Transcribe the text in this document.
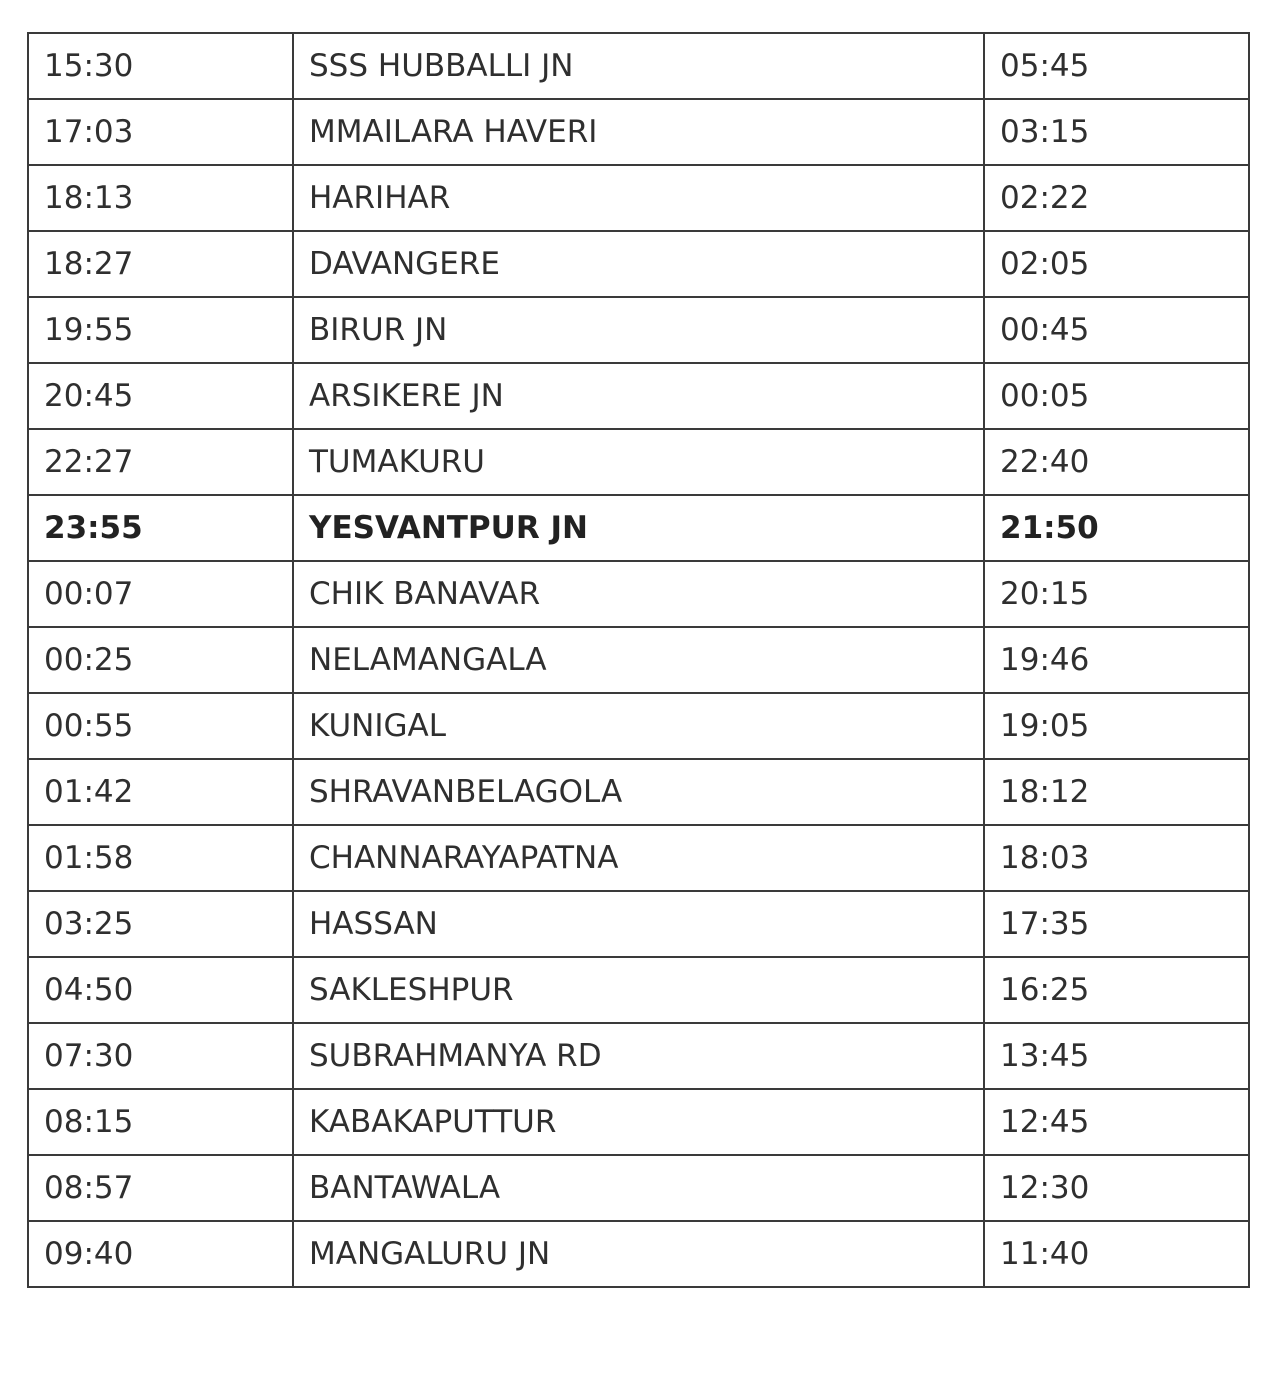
15:30	SSS HUBBALLI JN	05:45
17:03	MMAILARA HAVERI	03:15
18:13	HARIHAR	02:22
18:27	DAVANGERE	02:05
19:55	BIRUR JN	00:45
20:45	ARSIKERE JN	00:05
22:27	TUMAKURU	22:40
23:55	YESVANTPUR JN	21:50
00:07	CHIK BANAVAR	20:15
00:25	NELAMANGALA	19:46
00:55	KUNIGAL	19:05
01:42	SHRAVANBELAGOLA	18:12
01:58	CHANNARAYAPATNA	18:03
03:25	HASSAN	17:35
04:50	SAKLESHPUR	16:25
07:30	SUBRAHMANYA RD	13:45
08:15	KABAKAPUTTUR	12:45
08:57	BANTAWALA	12:30
09:40	MANGALURU JN	11:40
